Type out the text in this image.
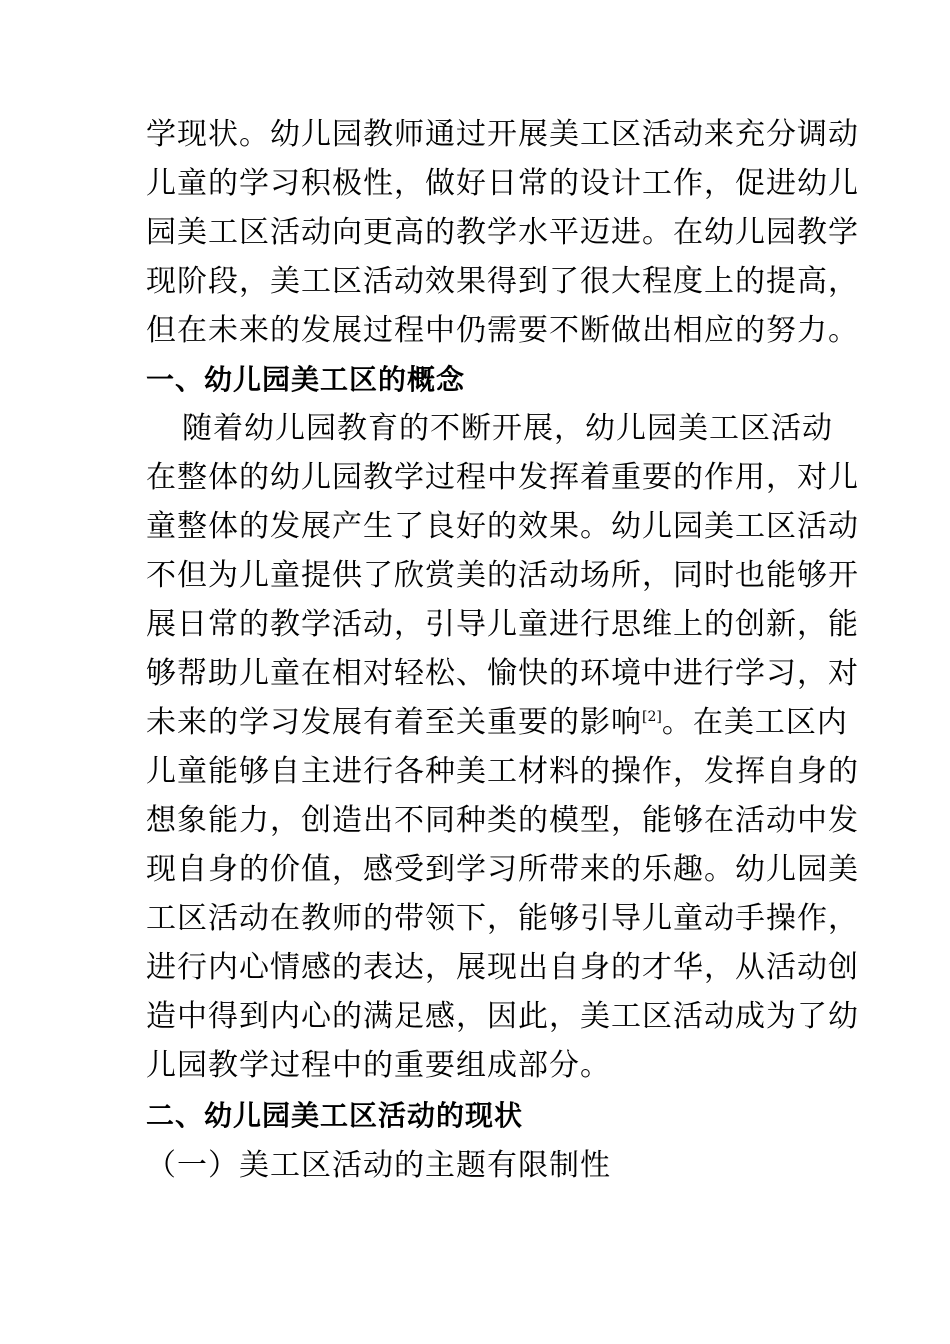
学现状。幼儿园教师通过开展美工区活动来充分调动
儿童的学习积极性，做好日常的设计工作，促进幼儿
园美工区活动向更高的教学水平迈进。在幼儿园教学
现阶段，美工区活动效果得到了很大程度上的提高，
但在未来的发展过程中仍需要不断做出相应的努力。
一、幼儿园美工区的概念
随着幼儿园教育的不断开展，幼儿园美工区活动
在整体的幼儿园教学过程中发挥着重要的作用，对儿
童整体的发展产生了良好的效果。幼儿园美工区活动
不但为儿童提供了欣赏美的活动场所，同时也能够开
展日常的教学活动，引导儿童进行思维上的创新，能
够帮助儿童在相对轻松、愉快的环境中进行学习，对
未来的学习发展有着至关重要的影响[2]。在美工区内
儿童能够自主进行各种美工材料的操作，发挥自身的
想象能力，创造出不同种类的模型，能够在活动中发
现自身的价值，感受到学习所带来的乐趣。幼儿园美
工区活动在教师的带领下，能够引导儿童动手操作，
进行内心情感的表达，展现出自身的才华，从活动创
造中得到内心的满足感，因此，美工区活动成为了幼
儿园教学过程中的重要组成部分。
二、幼儿园美工区活动的现状
（一）美工区活动的主题有限制性
